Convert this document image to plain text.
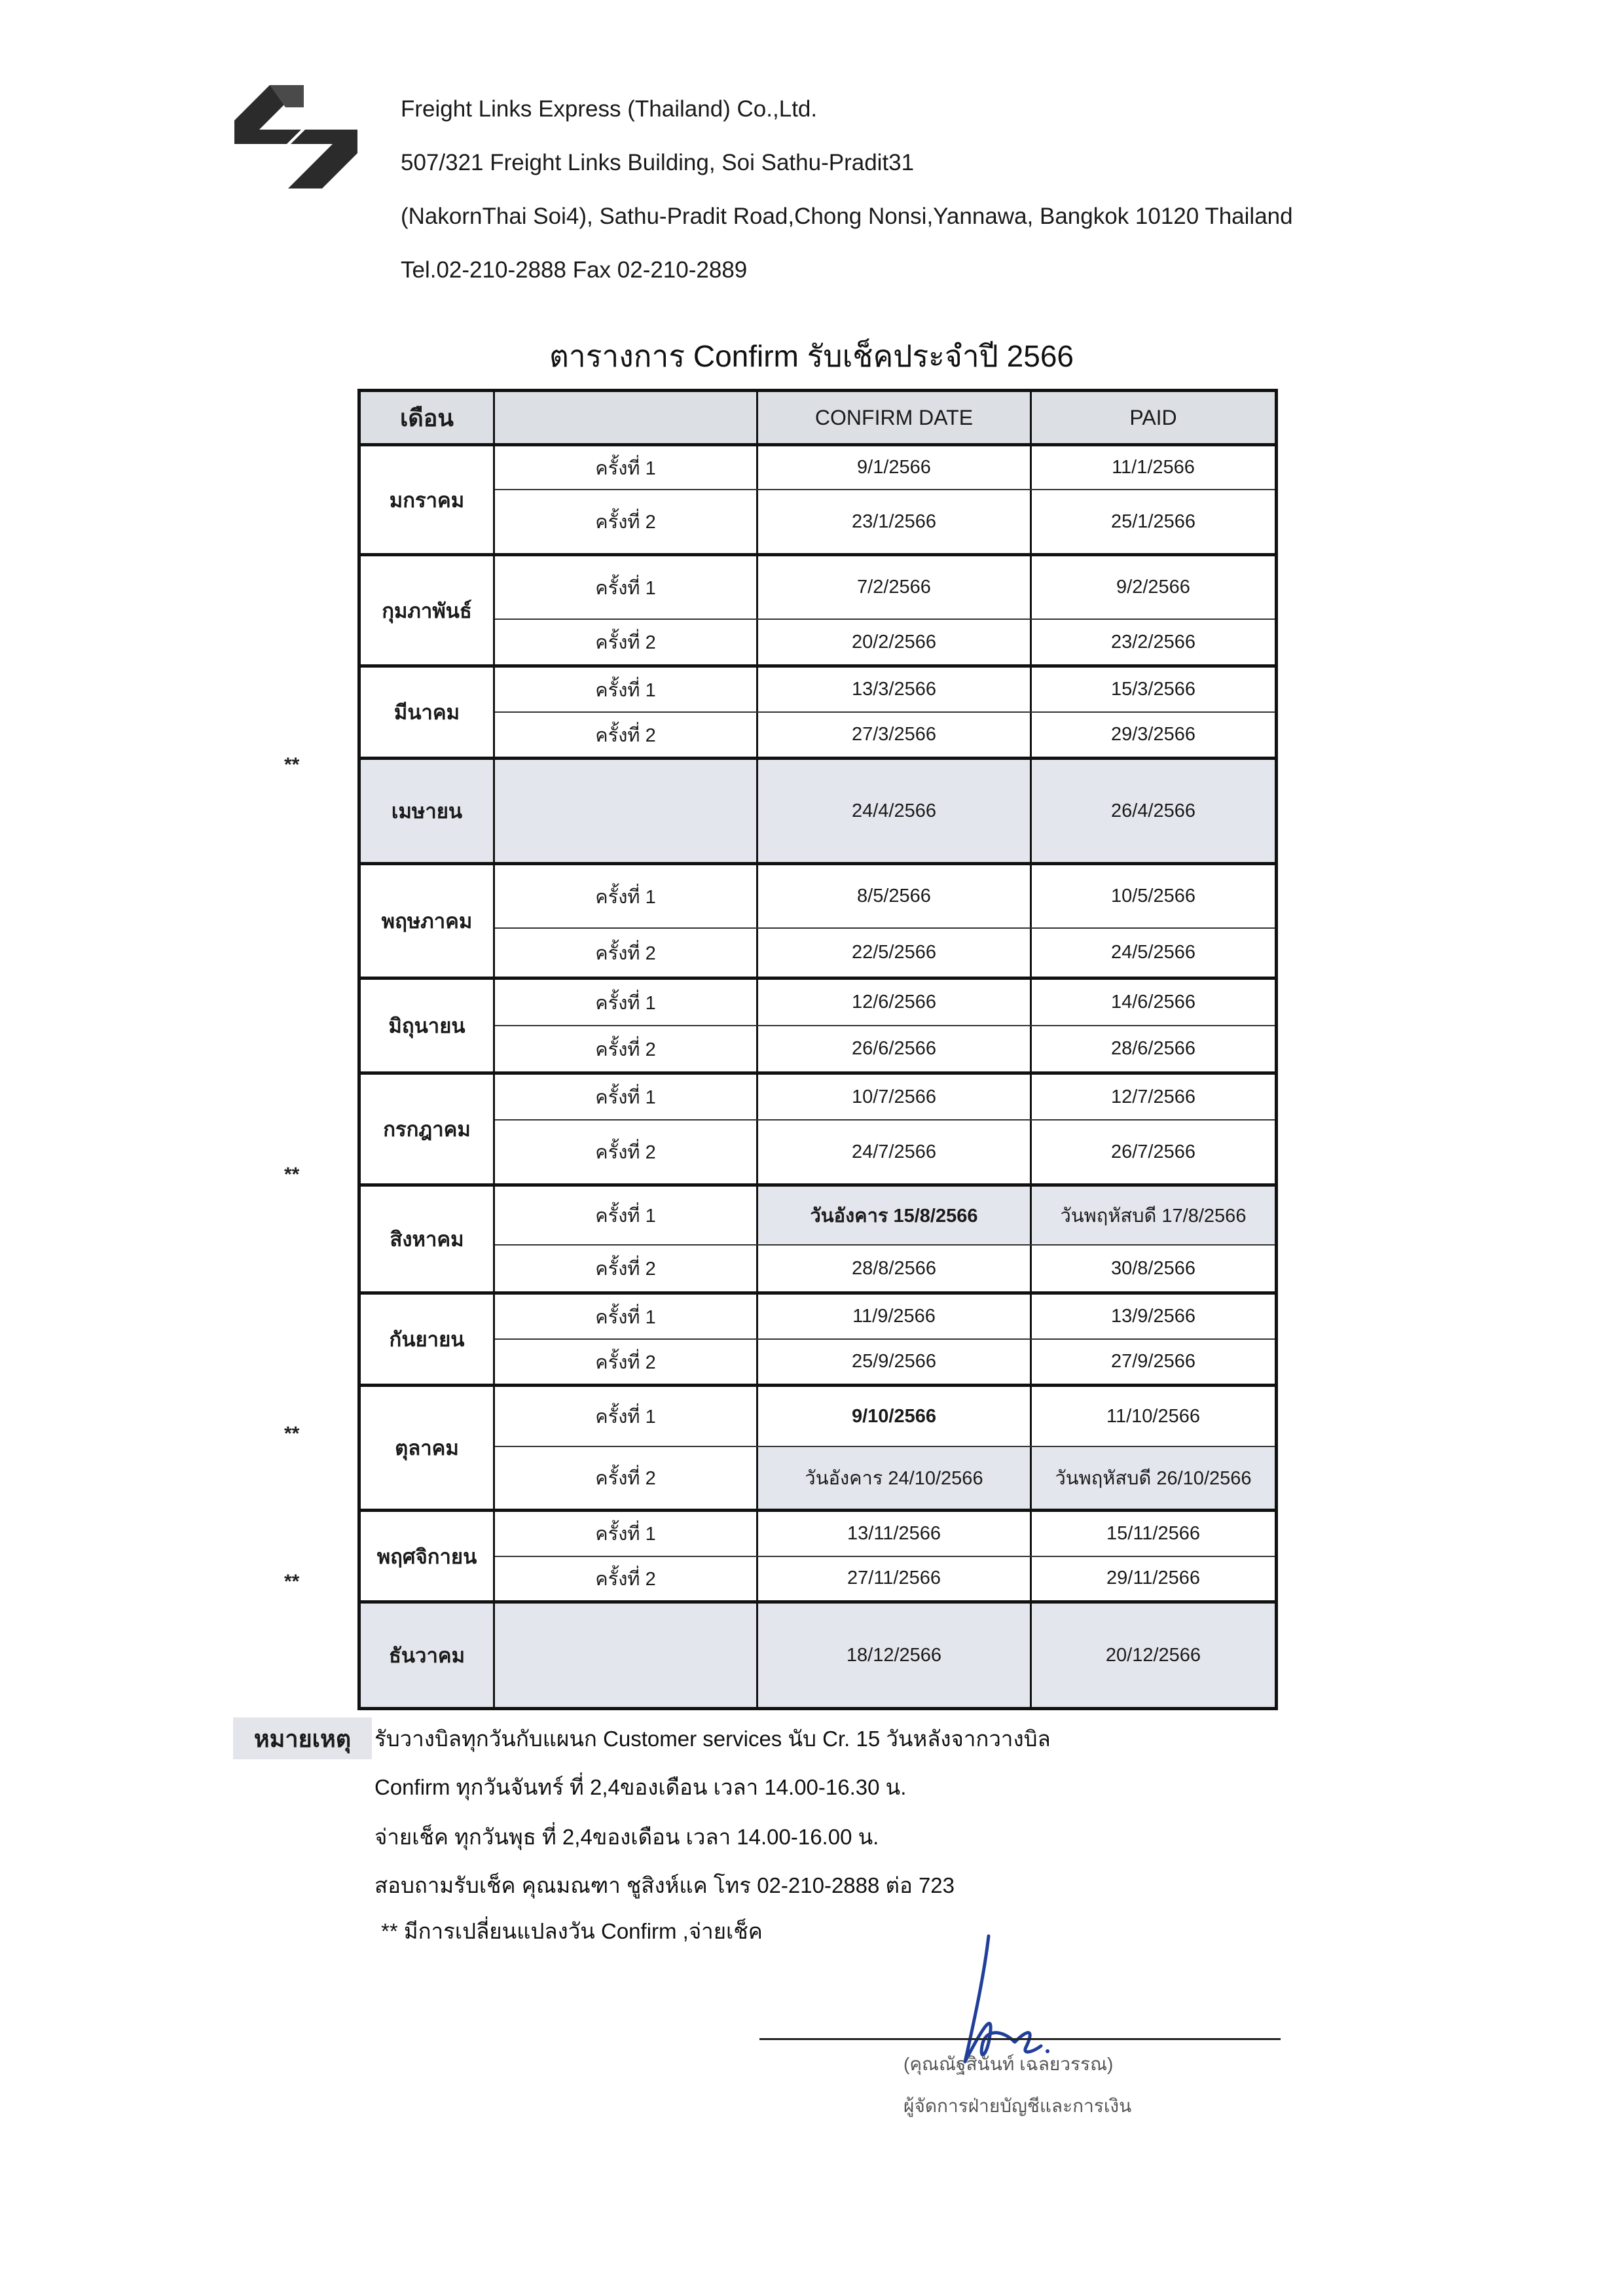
Freight Links Express (Thailand) Co.,Ltd.
507/321 Freight Links Building, Soi Sathu-Pradit31
(NakornThai Soi4), Sathu-Pradit Road,Chong Nonsi,Yannawa, Bangkok 10120 Thailand
Tel.02-210-2888 Fax 02-210-2889
ตารางการ Confirm รับเช็คประจำปี 2566
เดือน	CONFIRM DATE	PAID
มกราคม
ครั้งที่ 1	9/1/2566	11/1/2566
ครั้งที่ 2	23/1/2566	25/1/2566
กุมภาพันธ์
ครั้งที่ 1	7/2/2566	9/2/2566
ครั้งที่ 2	20/2/2566	23/2/2566
มีนาคม
ครั้งที่ 1	13/3/2566	15/3/2566
ครั้งที่ 2	27/3/2566	29/3/2566
เมษายน	24/4/2566	26/4/2566
พฤษภาคม
ครั้งที่ 1	8/5/2566	10/5/2566
ครั้งที่ 2	22/5/2566	24/5/2566
มิถุนายน
ครั้งที่ 1	12/6/2566	14/6/2566
ครั้งที่ 2	26/6/2566	28/6/2566
กรกฎาคม
ครั้งที่ 1	10/7/2566	12/7/2566
ครั้งที่ 2	24/7/2566	26/7/2566
สิงหาคม
ครั้งที่ 1	วันอังคาร 15/8/2566	วันพฤหัสบดี 17/8/2566
ครั้งที่ 2	28/8/2566	30/8/2566
กันยายน
ครั้งที่ 1	11/9/2566	13/9/2566
ครั้งที่ 2	25/9/2566	27/9/2566
ตุลาคม
ครั้งที่ 1	9/10/2566	11/10/2566
ครั้งที่ 2	วันอังคาร 24/10/2566	วันพฤหัสบดี 26/10/2566
พฤศจิกายน
ครั้งที่ 1	13/11/2566	15/11/2566
ครั้งที่ 2	27/11/2566	29/11/2566
ธันวาคม	18/12/2566	20/12/2566
**
**
**
**
หมายเหตุ	รับวางบิลทุกวันกับแผนก Customer services นับ Cr. 15 วันหลังจากวางบิล
Confirm ทุกวันจันทร์ ที่ 2,4ของเดือน เวลา 14.00-16.30 น.
จ่ายเช็ค ทุกวันพุธ ที่ 2,4ของเดือน เวลา 14.00-16.00 น.
สอบถามรับเช็ค คุณมณฑา ชูสิงห์แค โทร 02-210-2888 ต่อ 723
** มีการเปลี่ยนแปลงวัน Confirm ,จ่ายเช็ค
(คุณณัฐสินันท์ เฉลยวรรณ)
ผู้จัดการฝ่ายบัญชีและการเงิน
